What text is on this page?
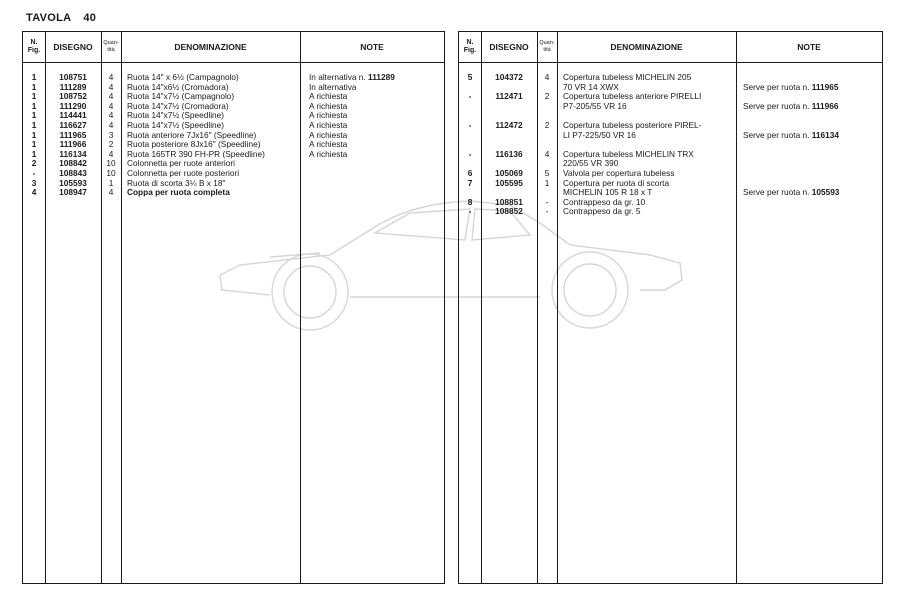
TAVOLA 40
N.
Fig.	DISEGNO	Quan-
tità	DENOMINAZIONE	NOTE
1	108751	4	Ruota 14" x 6½ (Campagnolo)	In alternativa n. 111289
1	111289	4	Ruota 14"x6½ (Cromadora)	In alternativa
1	108752	4	Ruota 14"x7½ (Campagnolo)	A richiesta
1	111290	4	Ruota 14"x7½ (Cromadora)	A richiesta
1	114441	4	Ruota 14"x7½ (Speedline)	A richiesta
1	116627	4	Ruota 14"x7½ (Speedline)	A richiesta
1	111965	3	Ruota anteriore 7Jx16" (Speedline)	A richiesta
1	111966	2	Ruota posteriore 8Jx16" (Speedline)	A richiesta
1	116134	4	Ruota 165TR 390 FH-PR (Speedline)	A richiesta
2	108842	10	Colonnetta per ruote anteriori
-	108843	10	Colonnetta per ruote posteriori
3	105593	1	Ruota di scorta 3¼ B x 18"
4	108947	4	Coppa per ruota completa
N.
Fig.	DISEGNO	Quan-
tità	DENOMINAZIONE	NOTE
5	104372	4	Copertura tubeless MICHELIN 205
70 VR 14 XWX	Serve per ruota n. 111965
-	112471	2	Copertura tubeless anteriore PIRELLI
P7-205/55 VR 16	Serve per ruota n. 111966
-	112472	2	Copertura tubeless posteriore PIREL-
LI P7-225/50 VR 16	Serve per ruota n. 116134
-	116136	4	Copertura tubeless MICHELIN TRX
220/55 VR 390
6	105069	5	Valvola per copertura tubeless
7	105595	1	Copertura per ruota di scorta
MICHELIN 105 R 18 x T	Serve per ruota n. 105593
8	108851	-	Contrappeso da gr. 10
-	108852	-	Contrappeso da gr. 5
